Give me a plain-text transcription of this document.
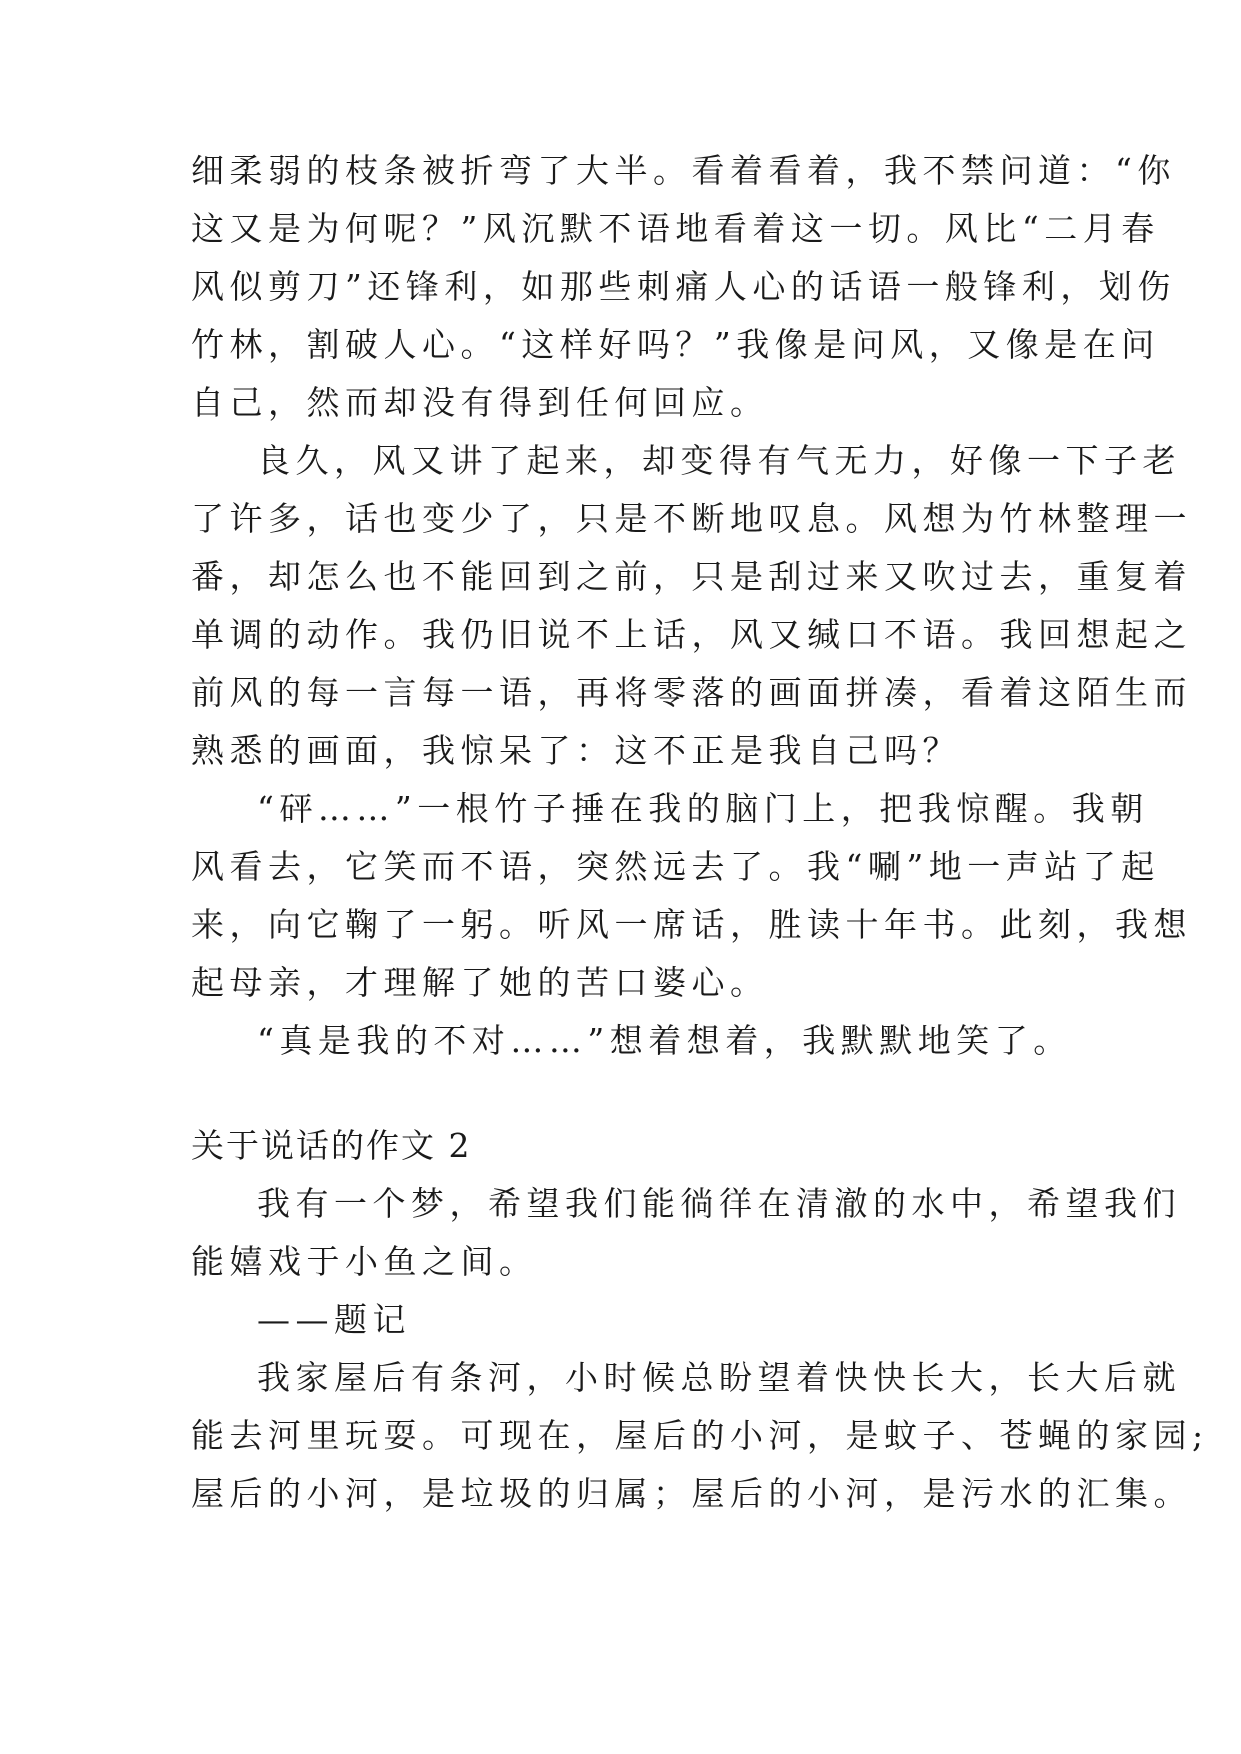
细柔弱的枝条被折弯了大半。看着看着，我不禁问道：“你
这又是为何呢？”风沉默不语地看着这一切。风比“二月春
风似剪刀”还锋利，如那些刺痛人心的话语一般锋利，划伤
竹林，割破人心。“这样好吗？”我像是问风，又像是在问
自己，然而却没有得到任何回应。
良久，风又讲了起来，却变得有气无力，好像一下子老
了许多，话也变少了，只是不断地叹息。风想为竹林整理一
番，却怎么也不能回到之前，只是刮过来又吹过去，重复着
单调的动作。我仍旧说不上话，风又缄口不语。我回想起之
前风的每一言每一语，再将零落的画面拼凑，看着这陌生而
熟悉的画面，我惊呆了：这不正是我自己吗？
“砰……”一根竹子捶在我的脑门上，把我惊醒。我朝
风看去，它笑而不语，突然远去了。我“唰”地一声站了起
来，向它鞠了一躬。听风一席话，胜读十年书。此刻，我想
起母亲，才理解了她的苦口婆心。
“真是我的不对……”想着想着，我默默地笑了。
关于说话的作文 2
我有一个梦，希望我们能徜徉在清澈的水中，希望我们
能嬉戏于小鱼之间。
——题记
我家屋后有条河，小时候总盼望着快快长大，长大后就
能去河里玩耍。可现在，屋后的小河，是蚊子、苍蝇的家园;
屋后的小河，是垃圾的归属；屋后的小河，是污水的汇集。
